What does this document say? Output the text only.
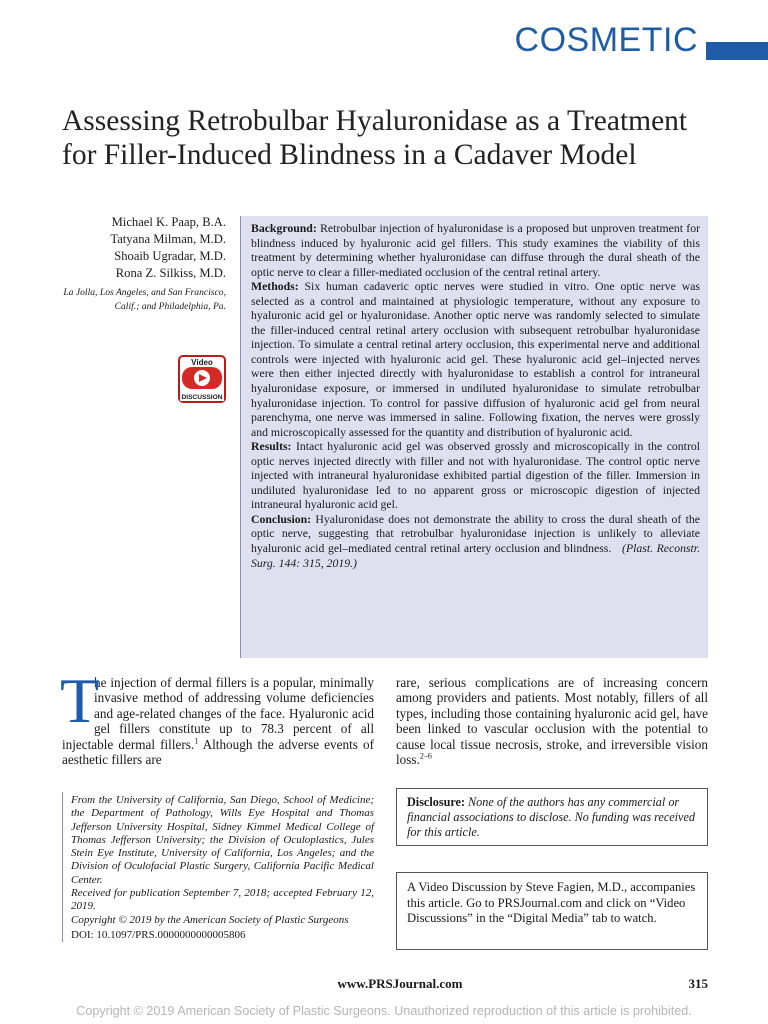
COSMETIC
Assessing Retrobulbar Hyaluronidase as a Treatment for Filler-Induced Blindness in a Cadaver Model
Michael K. Paap, B.A.
Tatyana Milman, M.D.
Shoaib Ugradar, M.D.
Rona Z. Silkiss, M.D.
La Jolla, Los Angeles, and San Francisco, Calif.; and Philadelphia, Pa.
Video
DISCUSSION

Background: Retrobulbar injection of hyaluronidase is a proposed but unproven treatment for blindness induced by hyaluronic acid gel fillers. This study examines the viability of this treatment by determining whether hyaluronidase can diffuse through the dural sheath of the optic nerve to clear a filler-mediated occlusion of the central retinal artery.

Methods: Six human cadaveric optic nerves were studied in vitro. One optic nerve was selected as a control and maintained at physiologic temperature, without any exposure to hyaluronic acid gel or hyaluronidase. Another optic nerve was randomly selected to simulate the filler-induced central retinal artery occlusion with subsequent retrobulbar hyaluronidase injection. To simulate a central retinal artery occlusion, this experimental nerve and additional controls were injected with hyaluronic acid gel. These hyaluronic acid gel–injected nerves were then either injected directly with hyaluronidase to establish a control for intraneural hyaluronidase exposure, or immersed in undiluted hyaluronidase to simulate retrobulbar hyaluronidase injection. To control for passive diffusion of hyaluronic acid gel from neural parenchyma, one nerve was immersed in saline. Following fixation, the nerves were grossly and microscopically assessed for the quantity and distribution of hyaluronic acid.

Results: Intact hyaluronic acid gel was observed grossly and microscopically in the control optic nerves injected directly with filler and not with hyaluronidase. The control optic nerve injected with intraneural hyaluronidase exhibited partial digestion of the filler. Immersion in undiluted hyaluronidase led to no apparent gross or microscopic digestion of injected intraneural hyaluronic acid gel.

Conclusion: Hyaluronidase does not demonstrate the ability to cross the dural sheath of the optic nerve, suggesting that retrobulbar hyaluronidase injection is unlikely to alleviate hyaluronic acid gel–mediated central retinal artery occlusion and blindness. (Plast. Reconstr. Surg. 144: 315, 2019.)

T
he injection of dermal fillers is a popular, minimally invasive method of addressing volume deficiencies and age-related changes of the face. Hyaluronic acid gel fillers constitute up to 78.3 percent of all injectable dermal fillers.$^1$ Although the adverse events of aesthetic fillers are
rare, serious complications are of increasing concern among providers and patients. Most notably, fillers of all types, including those containing hyaluronic acid gel, have been linked to vascular occlusion with the potential to cause local tissue necrosis, stroke, and irreversible vision loss.$^{2-6}$

From the University of California, San Diego, School of Medicine; the Department of Pathology, Wills Eye Hospital and Thomas Jefferson University Hospital, Sidney Kimmel Medical College of Thomas Jefferson University; the Division of Oculoplastics, Jules Stein Eye Institute, University of California, Los Angeles; and the Division of Oculofacial Plastic Surgery, California Pacific Medical Center.

Received for publication September 7, 2018; accepted February 12, 2019.

Copyright © 2019 by the American Society of Plastic Surgeons

DOI: 10.1097/PRS.0000000000005806

Disclosure: None of the authors has any commercial or financial associations to disclose. No funding was received for this article.
A Video Discussion by Steve Fagien, M.D., accompanies this article. Go to PRSJournal.com and click on “Video Discussions” in the “Digital Media” tab to watch.
www.PRSJournal.com	315
Copyright © 2019 American Society of Plastic Surgeons. Unauthorized reproduction of this article is prohibited.
